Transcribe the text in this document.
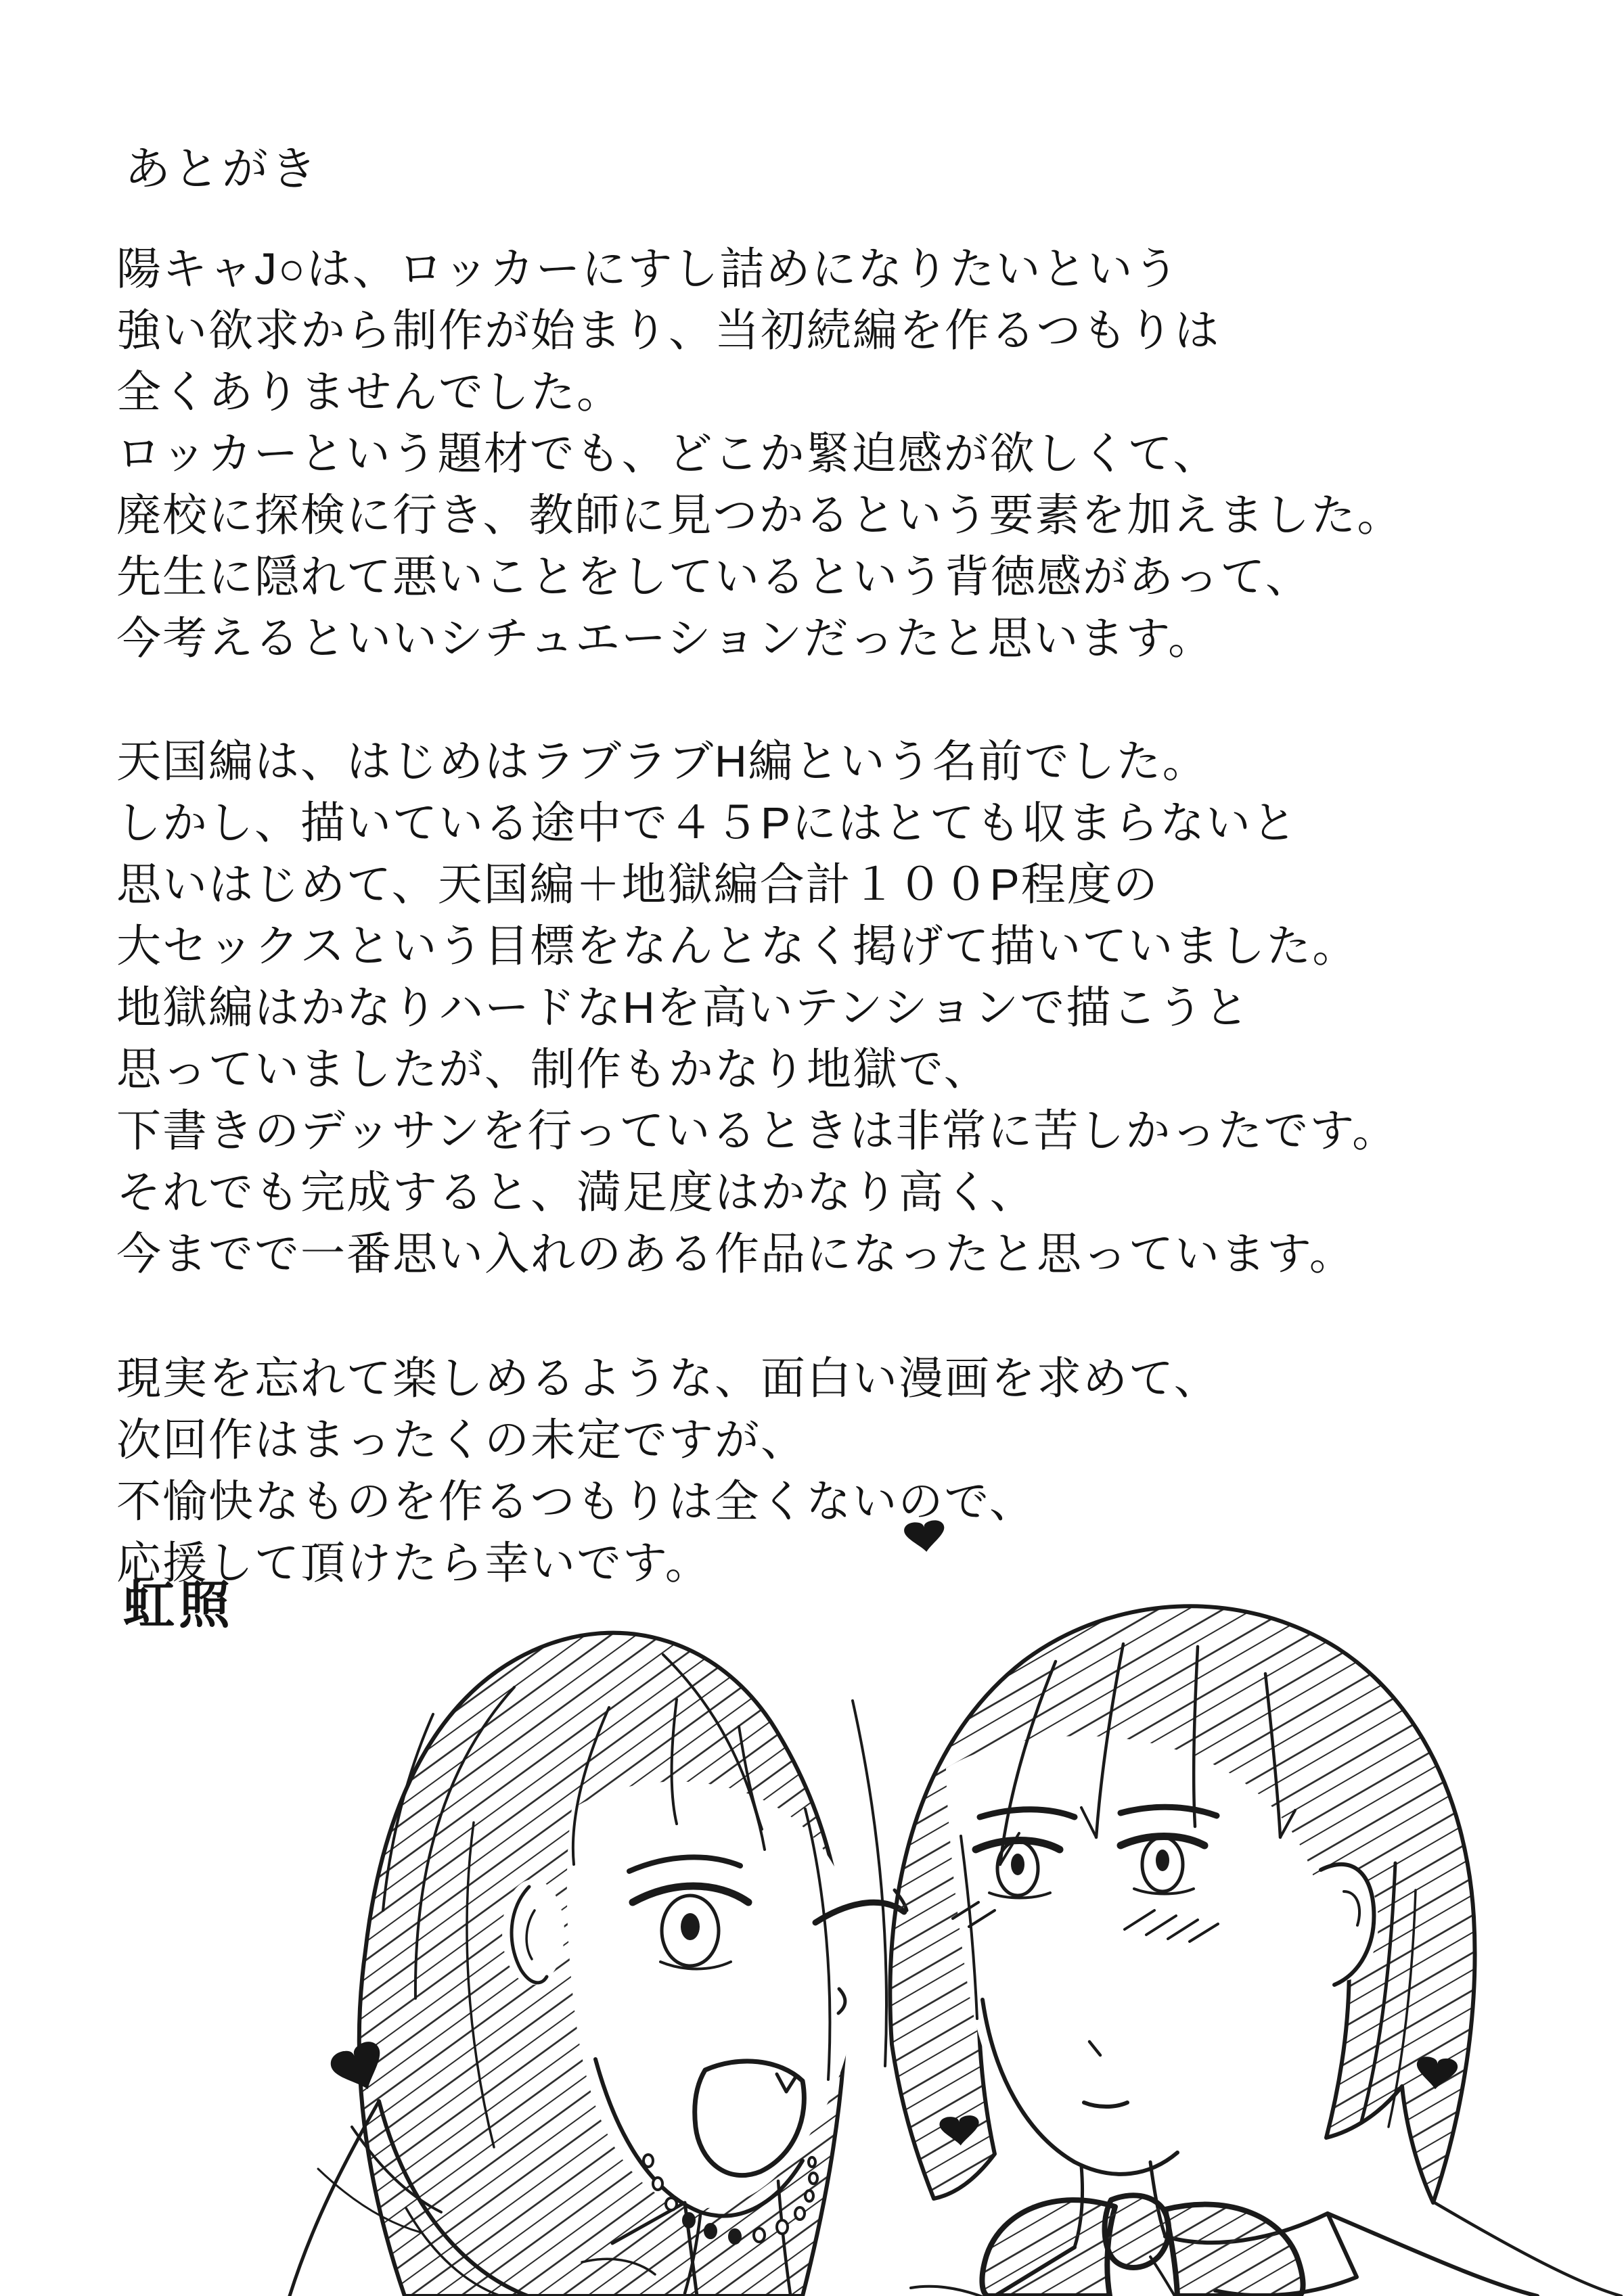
あとがき
陽キャJ○は、ロッカーにすし詰めになりたいという
強い欲求から制作が始まり、当初続編を作るつもりは
全くありませんでした。
ロッカーという題材でも、どこか緊迫感が欲しくて、
廃校に探検に行き、教師に見つかるという要素を加えました。
先生に隠れて悪いことをしているという背徳感があって、
今考えるといいシチュエーションだったと思います。
天国編は、はじめはラブラブH編という名前でした。
しかし、描いている途中で４５Pにはとても収まらないと
思いはじめて、天国編＋地獄編合計１００P程度の
大セックスという目標をなんとなく掲げて描いていました。
地獄編はかなりハードなHを高いテンションで描こうと
思っていましたが、制作もかなり地獄で、
下書きのデッサンを行っているときは非常に苦しかったです。
それでも完成すると、満足度はかなり高く、
今までで一番思い入れのある作品になったと思っています。
現実を忘れて楽しめるような、面白い漫画を求めて、
次回作はまったくの未定ですが、
不愉快なものを作るつもりは全くないので、
応援して頂けたら幸いです。
虹照
